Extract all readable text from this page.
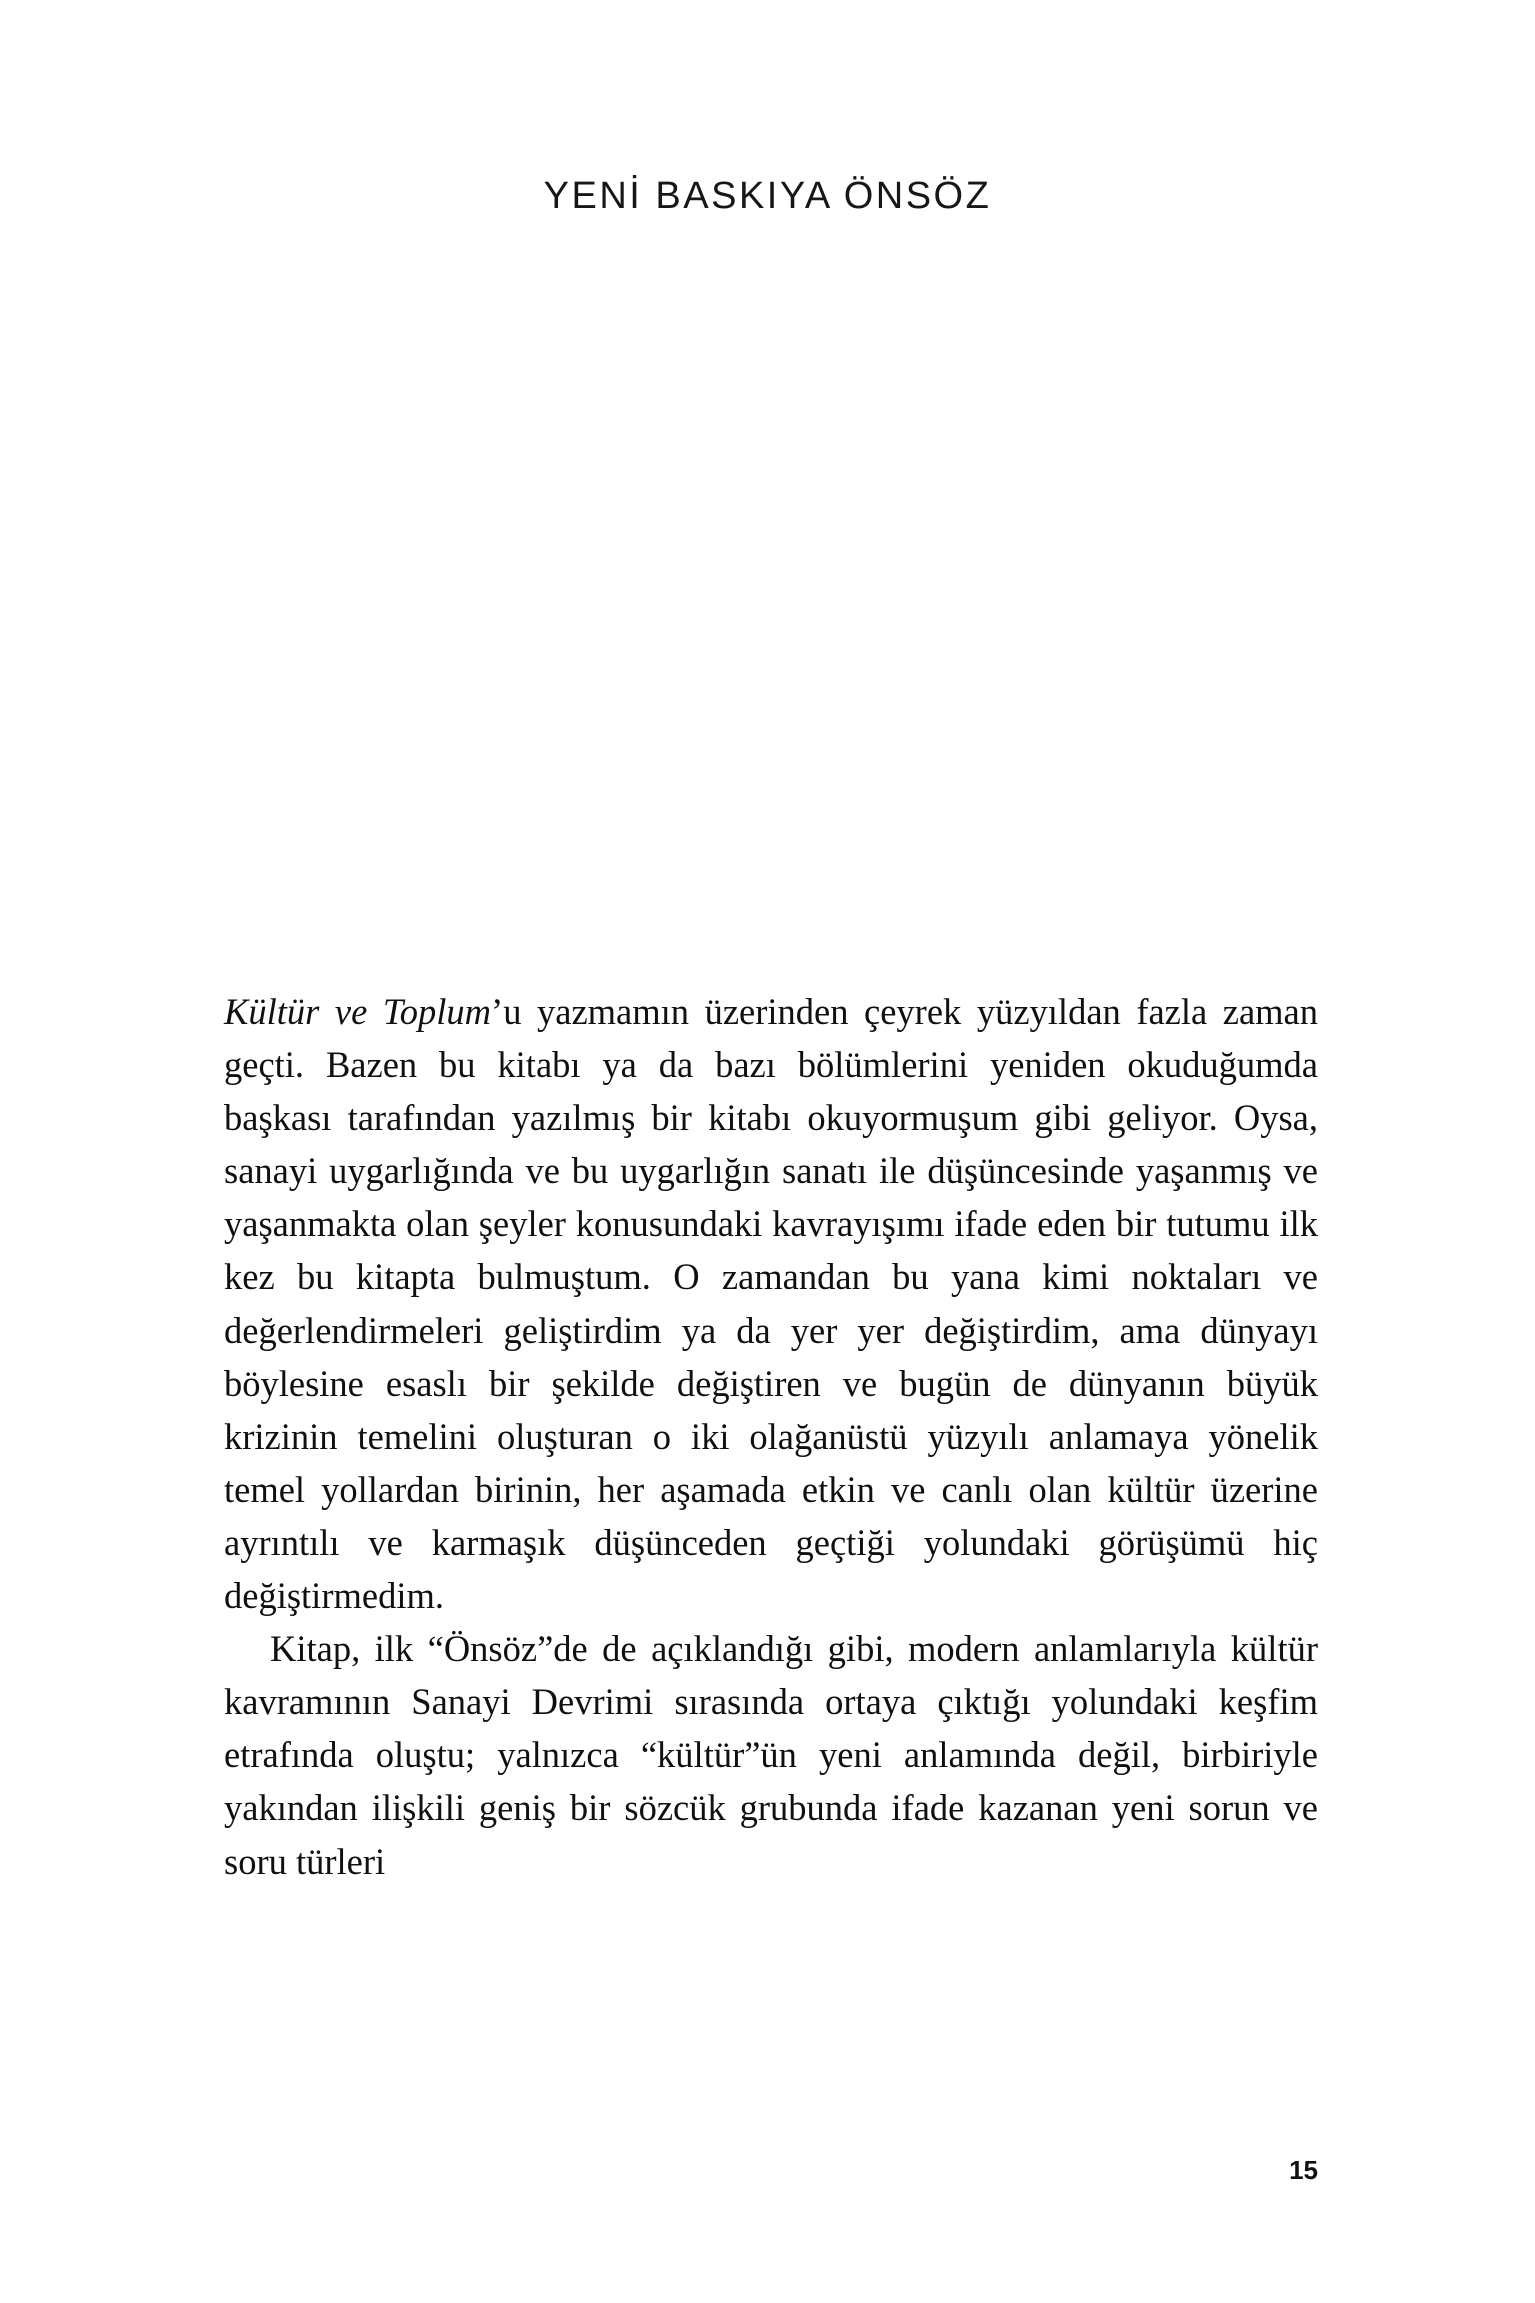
YENİ BASKIYA ÖNSÖZ

Kültür ve Toplum’u yazmamın üzerinden çeyrek yüzyıldan fazla zaman geçti. Bazen bu kitabı ya da bazı bölümlerini yeniden okuduğumda başkası tarafından yazılmış bir kitabı okuyormuşum gibi geliyor. Oysa, sanayi uygarlığında ve bu uygarlığın sanatı ile düşüncesinde yaşanmış ve yaşanmakta olan şeyler konusundaki kavrayışımı ifade eden bir tutumu ilk kez bu kitapta bulmuştum. O zamandan bu yana kimi noktaları ve değerlendirmeleri geliştirdim ya da yer yer değiştirdim, ama dünyayı böylesine esaslı bir şekilde değiştiren ve bugün de dünyanın büyük krizinin temelini oluşturan o iki olağanüstü yüzyılı anlamaya yönelik temel yollardan birinin, her aşamada etkin ve canlı olan kültür üzerine ayrıntılı ve karmaşık düşünceden geçtiği yolundaki görüşümü hiç değiştirmedim.

Kitap, ilk “Önsöz”de de açıklandığı gibi, modern anlamlarıyla kültür kavramının Sanayi Devrimi sırasında ortaya çıktığı yolundaki keşfim etrafında oluştu; yalnızca “kültür”ün yeni anlamında değil, birbiriyle yakından ilişkili geniş bir sözcük grubunda ifade kazanan yeni sorun ve soru türleri

15
